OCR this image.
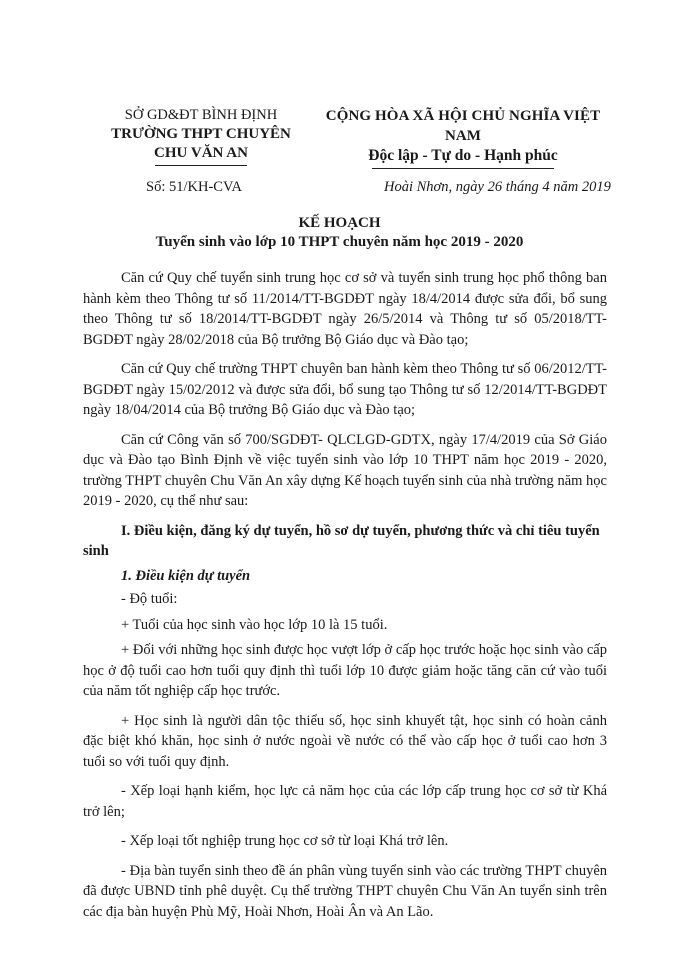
SỞ GD&ĐT BÌNH ĐỊNH
TRƯỜNG THPT CHUYÊN
CHU VĂN AN
CỘNG HÒA XÃ HỘI CHỦ NGHĨA VIỆT NAM
Độc lập - Tự do - Hạnh phúc
Số: 51/KH-CVA	Hoài Nhơn, ngày 26 tháng 4 năm 2019
KẾ HOẠCH
Tuyển sinh vào lớp 10 THPT chuyên năm học 2019 - 2020

Căn cứ Quy chế tuyển sinh trung học cơ sở và tuyển sinh trung học phổ thông ban hành kèm theo Thông tư số 11/2014/TT-BGDĐT ngày 18/4/2014 được sửa đổi, bổ sung theo Thông tư số 18/2014/TT-BGDĐT ngày 26/5/2014 và Thông tư số 05/2018/TT-BGDĐT ngày 28/02/2018 của Bộ trưởng Bộ Giáo dục và Đào tạo;

Căn cứ Quy chế trường THPT chuyên ban hành kèm theo Thông tư số 06/2012/TT-BGDĐT ngày 15/02/2012 và được sửa đổi, bổ sung tạo Thông tư số 12/2014/TT-BGDĐT ngày 18/04/2014 của Bộ trưởng Bộ Giáo dục và Đào tạo;

Căn cứ Công văn số 700/SGDĐT- QLCLGD-GDTX, ngày 17/4/2019 của Sở Giáo dục và Đào tạo Bình Định về việc tuyển sinh vào lớp 10 THPT năm học 2019 - 2020, trường THPT chuyên Chu Văn An xây dựng Kế hoạch tuyển sinh của nhà trường năm học 2019 - 2020, cụ thể như sau:

I. Điều kiện, đăng ký dự tuyển, hồ sơ dự tuyển, phương thức và chỉ tiêu tuyển sinh
1. Điều kiện dự tuyển

- Độ tuổi:

+ Tuổi của học sinh vào học lớp 10 là 15 tuổi.

+ Đối với những học sinh được học vượt lớp ở cấp học trước hoặc học sinh vào cấp học ở độ tuổi cao hơn tuổi quy định thì tuổi lớp 10 được giảm hoặc tăng căn cứ vào tuổi của năm tốt nghiệp cấp học trước.

+ Học sinh là người dân tộc thiểu số, học sinh khuyết tật, học sinh có hoàn cảnh đặc biệt khó khăn, học sinh ở nước ngoài về nước có thể vào cấp học ở tuổi cao hơn 3 tuổi so với tuổi quy định.

- Xếp loại hạnh kiểm, học lực cả năm học của các lớp cấp trung học cơ sở từ Khá trở lên;

- Xếp loại tốt nghiệp trung học cơ sở từ loại Khá trở lên.

- Địa bàn tuyển sinh theo đề án phân vùng tuyển sinh vào các trường THPT chuyên đã được UBND tỉnh phê duyệt. Cụ thể trường THPT chuyên Chu Văn An tuyển sinh trên các địa bàn huyện Phù Mỹ, Hoài Nhơn, Hoài Ân và An Lão.
